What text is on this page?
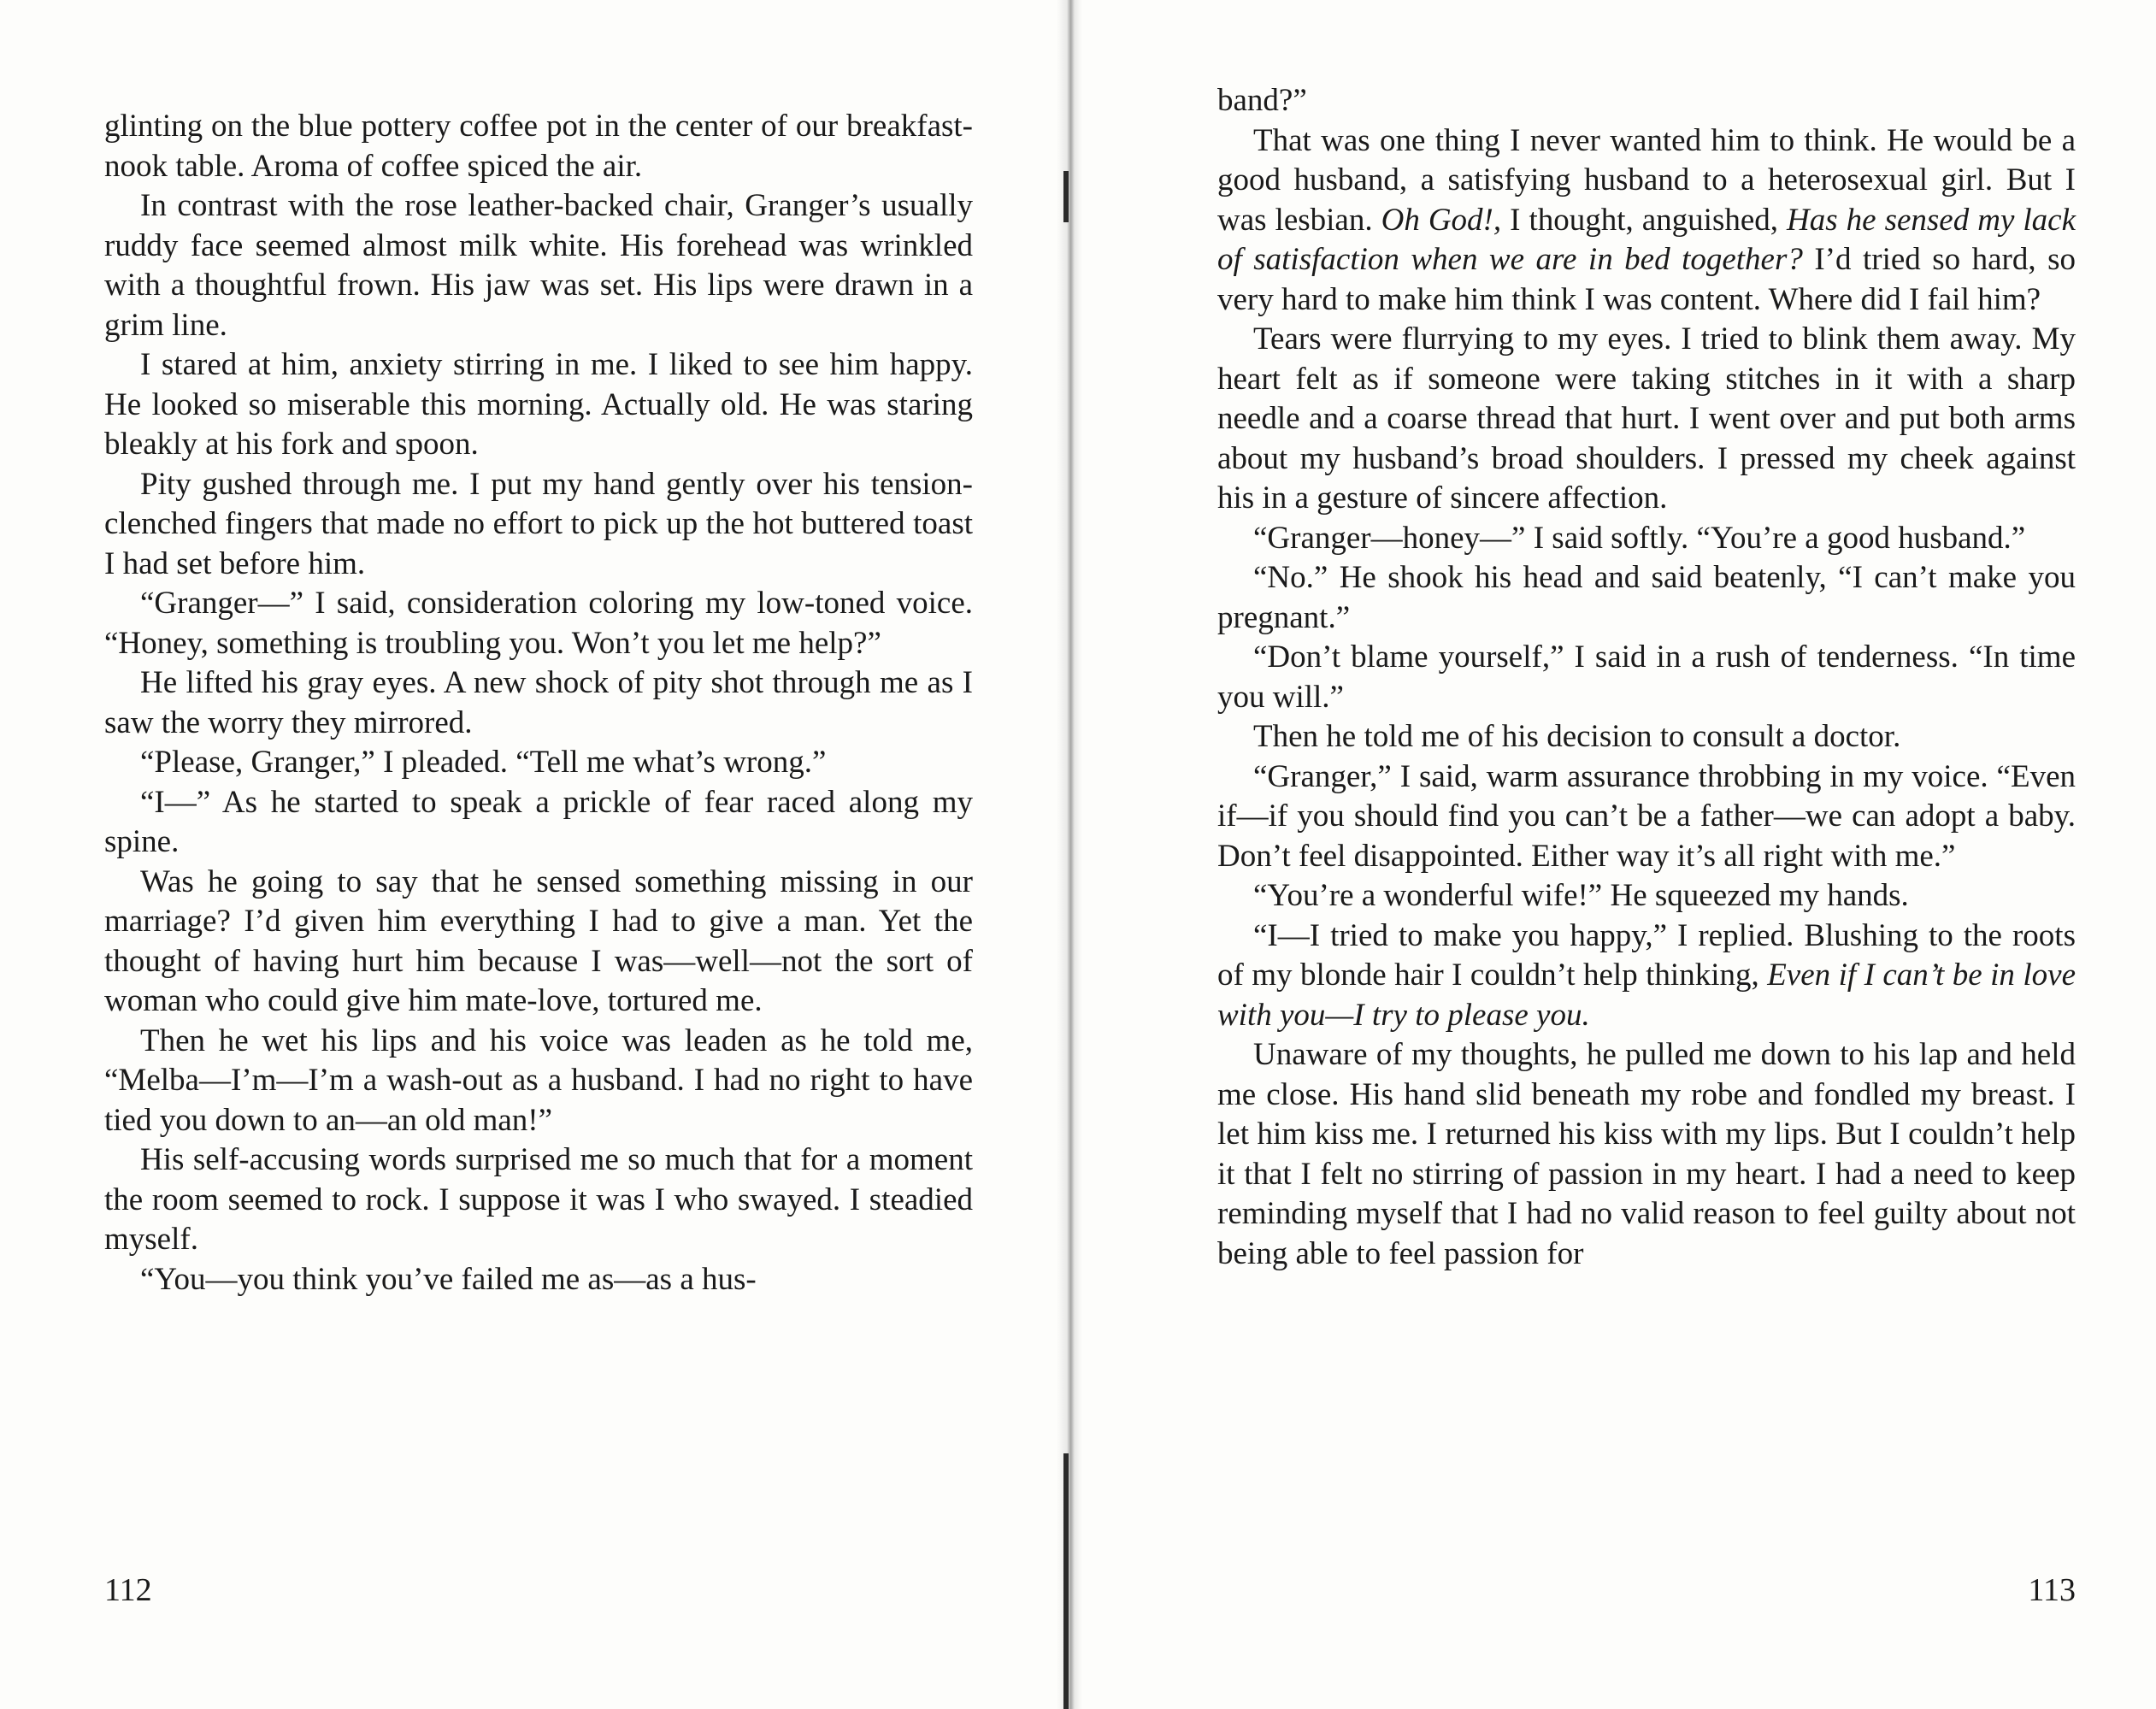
glinting on the blue pottery coffee pot in the center of our breakfast-nook table. Aroma of coffee spiced the air.

In contrast with the rose leather-backed chair, Granger’s usually ruddy face seemed almost milk white. His forehead was wrinkled with a thoughtful frown. His jaw was set. His lips were drawn in a grim line.

I stared at him, anxiety stirring in me. I liked to see him happy. He looked so miserable this morning. Actually old. He was staring bleakly at his fork and spoon.

Pity gushed through me. I put my hand gently over his tension-clenched fingers that made no effort to pick up the hot buttered toast I had set before him.

“Granger—” I said, consideration coloring my low-toned voice. “Honey, something is troubling you. Won’t you let me help?”

He lifted his gray eyes. A new shock of pity shot through me as I saw the worry they mirrored.

“Please, Granger,” I pleaded. “Tell me what’s wrong.”

“I—” As he started to speak a prickle of fear raced along my spine.

Was he going to say that he sensed something missing in our marriage? I’d given him everything I had to give a man. Yet the thought of having hurt him because I was—well—not the sort of woman who could give him mate-love, tortured me.

Then he wet his lips and his voice was leaden as he told me, “Melba—I’m—I’m a wash-out as a husband. I had no right to have tied you down to an—an old man!”

His self-accusing words surprised me so much that for a moment the room seemed to rock. I suppose it was I who swayed. I steadied myself.

“You—you think you’ve failed me as—as a hus-

112

band?”

That was one thing I never wanted him to think. He would be a good husband, a satisfying husband to a heterosexual girl. But I was lesbian. Oh God!, I thought, anguished, Has he sensed my lack of satisfaction when we are in bed together? I’d tried so hard, so very hard to make him think I was content. Where did I fail him?

Tears were flurrying to my eyes. I tried to blink them away. My heart felt as if someone were taking stitches in it with a sharp needle and a coarse thread that hurt. I went over and put both arms about my husband’s broad shoulders. I pressed my cheek against his in a gesture of sincere affection.

“Granger—honey—” I said softly. “You’re a good husband.”

“No.” He shook his head and said beatenly, “I can’t make you pregnant.”

“Don’t blame yourself,” I said in a rush of tenderness. “In time you will.”

Then he told me of his decision to consult a doctor.

“Granger,” I said, warm assurance throbbing in my voice. “Even if—if you should find you can’t be a father—we can adopt a baby. Don’t feel disappointed. Either way it’s all right with me.”

“You’re a wonderful wife!” He squeezed my hands.

“I—I tried to make you happy,” I replied. Blushing to the roots of my blonde hair I couldn’t help thinking, Even if I can’t be in love with you—I try to please you.

Unaware of my thoughts, he pulled me down to his lap and held me close. His hand slid beneath my robe and fondled my breast. I let him kiss me. I returned his kiss with my lips. But I couldn’t help it that I felt no stirring of passion in my heart. I had a need to keep reminding myself that I had no valid reason to feel guilty about not being able to feel passion for

113
